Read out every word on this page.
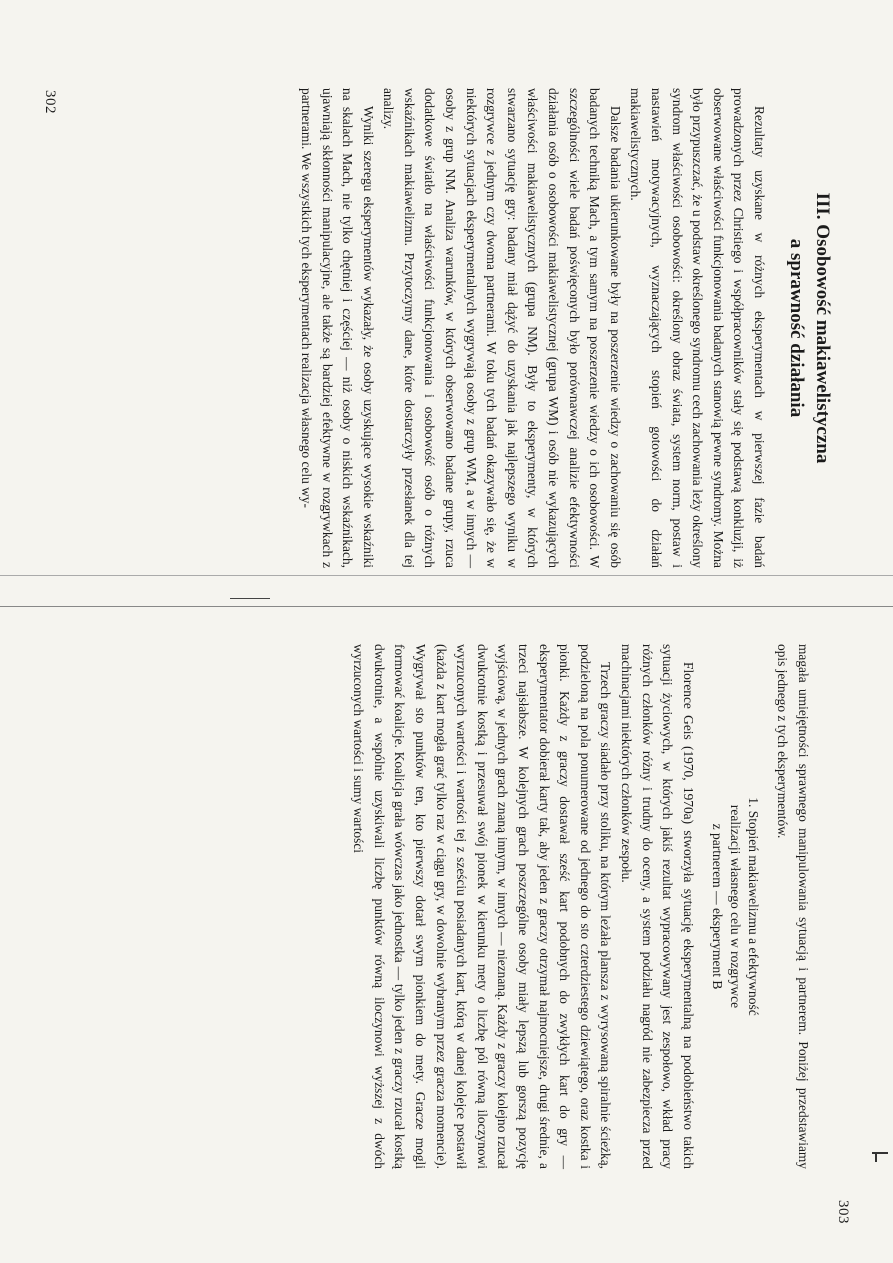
III. Osobowość makiawelistyczna
a sprawność działania

Rezultaty uzyskane w różnych eksperymentach w pierwszej fazie badań prowadzonych przez Christiego i współpracowników stały się podstawą konkluzji, iż obserwowane właściwości funkcjonowania badanych stanowią pewne syndromy. Można było przypuszczać, że u podstaw określonego syndromu cech zachowania leży określony syndrom właściwości osobowości: określony obraz świata, system norm, postaw i nastawień motywacyjnych, wyznaczających stopień gotowości do działań makiawelistycznych.

Dalsze badania ukierunkowane były na poszerzenie wiedzy o zachowaniu się osób badanych techniką Mach, a tym samym na poszerzenie wiedzy o ich osobowości. W szczególności wiele badań poświęconych było porównawczej analizie efektywności działania osób o osobowości makiawelistycznej (grupa WM) i osób nie wykazujących właściwości makiawelistycznych (grupa NM). Były to eksperymenty, w których stwarzano sytuację gry: badany miał dążyć do uzyskania jak najlepszego wyniku w rozgrywce z jednym czy dwoma partnerami. W toku tych badań okazywało się, że w niektórych sytuacjach eksperymentalnych wygrywają osoby z grup WM, a w innych — osoby z grup NM. Analiza warunków, w których obserwowano badane grupy, rzuca dodatkowe światło na właściwości funkcjonowania i osobowość osób o różnych wskaźnikach makiawelizmu. Przytoczymy dane, które dostarczyły przesłanek dla tej analizy.

Wyniki szeregu eksperymentów wykazały, że osoby uzyskujące wysokie wskaźniki na skalach Mach, nie tylko chętniej i częściej — niż osoby o niskich wskaźnikach, ujawniają skłonności manipulacyjne, ale także są bardziej efektywne w rozgrywkach z partnerami. We wszystkich tych eksperymentach realizacja własnego celu wy-

302
303

magała umiejętności sprawnego manipulowania sytuacją i partnerem. Poniżej przedstawiamy opis jednego z tych eksperymentów.

1. Stopień makiawelizmu a efektywność
realizacji własnego celu w rozgrywce
z partnerem — eksperyment B

Florence Geis (1970, 1970a) stworzyła sytuację eksperymentalną na podobieństwo takich sytuacji życiowych, w których jakiś rezultat wypracowywany jest zespołowo, wkład pracy różnych członków różny i trudny do oceny, a system podziału nagród nie zabezpiecza przed machinacjami niektórych członków zespołu.

Trzech graczy siadało przy stoliku, na którym leżała plansza z wyrysowaną spiralnie ścieżką, podzieloną na pola ponumerowane od jednego do sto czterdziestego dziewiątego, oraz kostka i pionki. Każdy z graczy dostawał sześć kart podobnych do zwykłych kart do gry — eksperymentator dobierał karty tak, aby jeden z graczy otrzymał najmocniejsze, drugi średnie, a trzeci najsłabsze. W kolejnych grach poszczególne osoby miały lepszą lub gorszą pozycję wyjściową, w jednych grach znaną innym, w innych — nieznaną. Każdy z graczy kolejno rzucał dwukrotnie kostką i przesuwał swój pionek w kierunku mety o liczbę pól równą iloczynowi wyrzuconych wartości i wartości tej z sześciu posiadanych kart, którą w danej kolejce postawił (każda z kart mogła grać tylko raz w ciągu gry, w dowolnie wybranym przez gracza momencie). Wygrywał sto punktów ten, kto pierwszy dotarł swym pionkiem do mety. Gracze mogli formować koalicje. Koalicja grała wówczas jako jednostka — tylko jeden z graczy rzucał kostką dwukrotnie, a wspólnie uzyskiwali liczbę punktów równą iloczynowi wyższej z dwóch wyrzuconych wartości i sumy wartości
